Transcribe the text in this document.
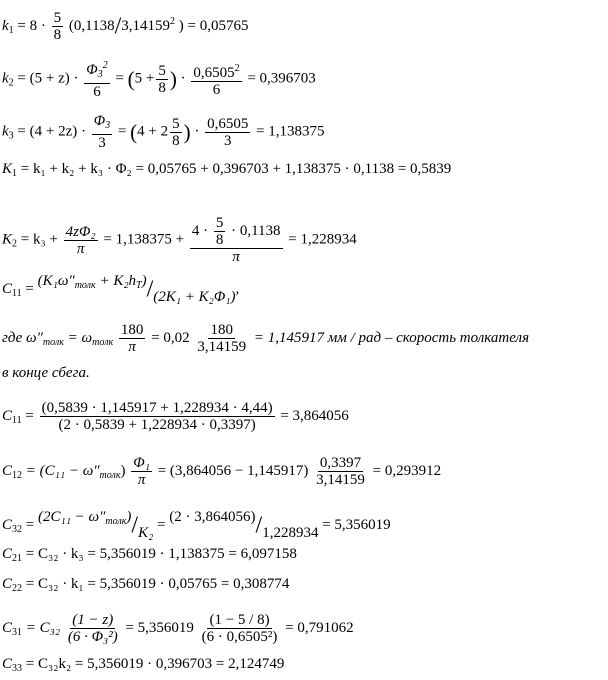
$k_1 = 8 \cdot \frac{5}{8} (0,1138/3,14159^2$ ) = 0,05765
$k_2 = (5 + z) \cdot \frac{\Phi_3^2}{6} = (5 + \frac{5}{8}$ ) · $\frac{0,6505^2}{6} = 0,396703$
$k_3 = (4 + 2z) \cdot \frac{\Phi_3}{3} = (4 + 2 \frac{5}{8}$ ) · $\frac{0,6505}{3} = 1,138375$
$K_1 = k_1 + k_2 + k_3 \cdot \Phi_2 = 0,05765 + 0,396703 + 1,138375 \cdot 0,1138 = 0,5839$
$K_2 = k_3 + \frac{\text{4zΦ₂}}{\pi} = 1,138375 + \frac{4 \cdot \frac{5}{8} \cdot 0,1138}{\pi} = 1,228934$
$C_{11} = (K_1\omega''_{толк} + K_2h_T)/(2K_1 + K_2\Phi_1)$,
где $\omega''_{толк} = \omega_{толк} \frac{180}{\pi} = 0,02 \frac{180}{3,14159} = 1,145917$ мм / рад – скорость толкателя
в конце сбега.
$C_{11} = \frac{(0,5839 \cdot 1,145917 + 1,228934 \cdot 4,44)}{(2 \cdot 0,5839 + 1,228934 \cdot 0,3397)} = 3,864056$
$C_{12} = (C_{11} - \omega''_{толк}) \frac{\text{Φ₁}}{\pi} = (3,864056 - 1,145917) \frac{0,3397}{3,14159} = 0,293912$
$C_{32} = (2C_{11} - \omega''_{толк})/K_2 = (2 \cdot 3,864056)/1,228934 = 5,356019$
$C_{21} = C_{32} \cdot k_3 = 5,356019 \cdot 1,138375 = 6,097158$
$C_{22} = C_{32} \cdot k_1 = 5,356019 \cdot 0,05765 = 0,308774$
$C_{31} = C_{32} \frac{(1 - z)}{\text{(6 · Φ₃²)}} = 5,356019 \frac{(1 - 5 / 8)}{\text{(6 · 0,6505²)}} = 0,791062$
$C_{33} = C_{32}k_2 = 5,356019 \cdot 0,396703 = 2,124749$
